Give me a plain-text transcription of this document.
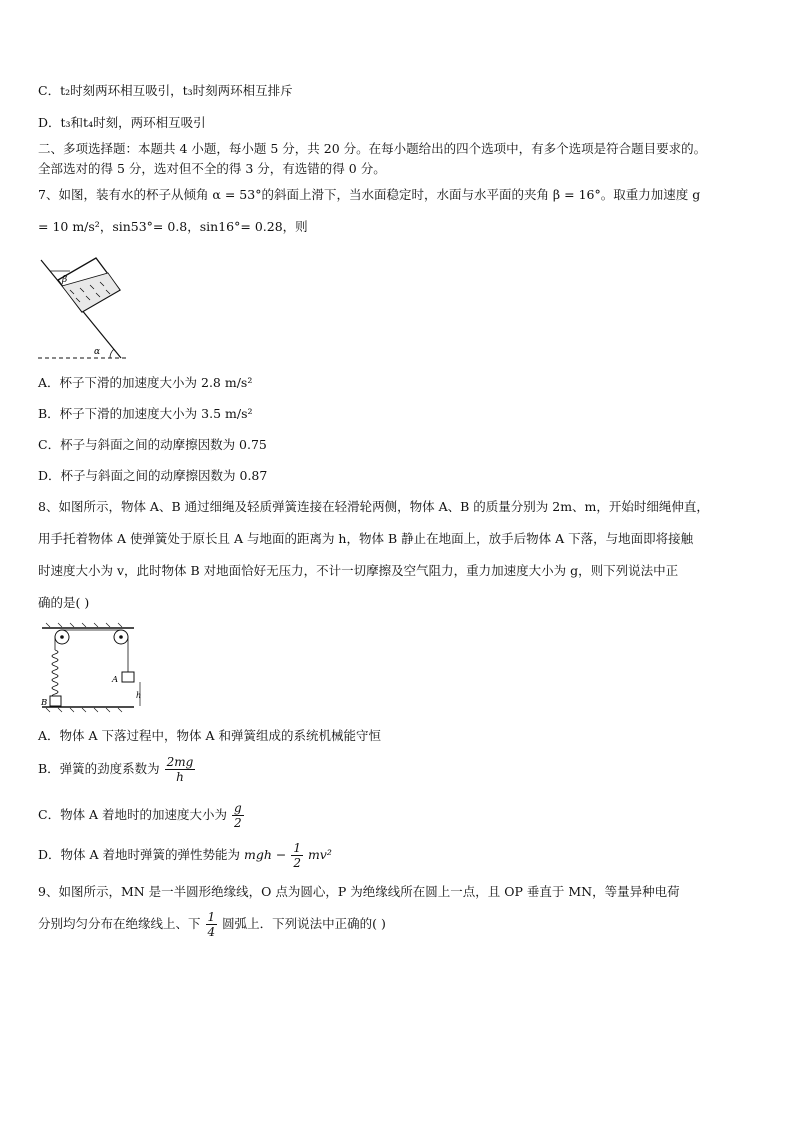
C．t₂时刻两环相互吸引，t₃时刻两环相互排斥
D．t₃和t₄时刻，两环相互吸引
二、多项选择题：本题共 4 小题，每小题 5 分，共 20 分。在每小题给出的四个选项中，有多个选项是符合题目要求的。
全部选对的得 5 分，选对但不全的得 3 分，有选错的得 0 分。
7、如图，装有水的杯子从倾角 α = 53°的斜面上滑下，当水面稳定时，水面与水平面的夹角 β = 16°。取重力加速度 g
= 10 m/s²，sin53°= 0.8，sin16°= 0.28，则
β
α
A．杯子下滑的加速度大小为 2.8 m/s²
B．杯子下滑的加速度大小为 3.5 m/s²
C．杯子与斜面之间的动摩擦因数为 0.75
D．杯子与斜面之间的动摩擦因数为 0.87
8、如图所示，物体 A、B 通过细绳及轻质弹簧连接在轻滑轮两侧，物体 A、B 的质量分别为 2m、m，开始时细绳伸直，
用手托着物体 A 使弹簧处于原长且 A 与地面的距离为 h，物体 B 静止在地面上，放手后物体 A 下落，与地面即将接触
时速度大小为 v，此时物体 B 对地面恰好无压力，不计一切摩擦及空气阻力，重力加速度大小为 g，则下列说法中正
确的是( )
B
A
h
A．物体 A 下落过程中，物体 A 和弹簧组成的系统机械能守恒
B．弹簧的劲度系数为 $\frac{2mg}{h}$
C．物体 A 着地时的加速度大小为 $\frac{g}{2}$
D．物体 A 着地时弹簧的弹性势能为 mgh − $\frac{1}{2} mv^2$
9、如图所示，MN 是一半圆形绝缘线，O 点为圆心，P 为绝缘线所在圆上一点，且 OP 垂直于 MN，等量异种电荷
分别均匀分布在绝缘线上、下 $\frac{1}{4}$ 圆弧上．下列说法中正确的( )
